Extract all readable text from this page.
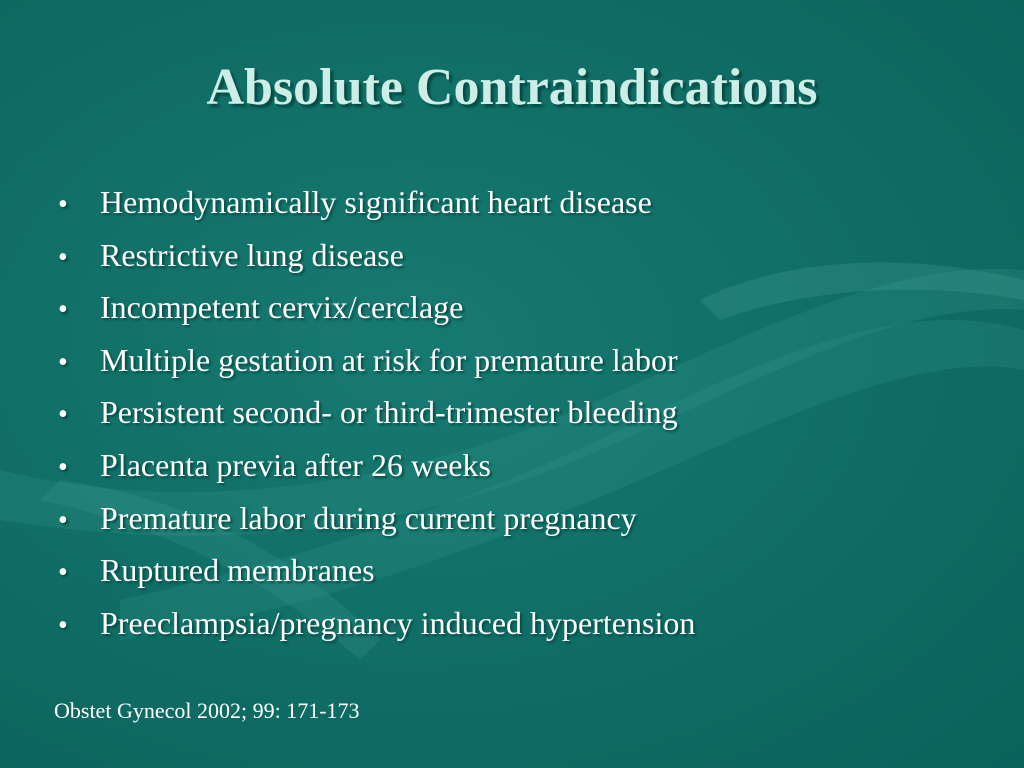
Absolute Contraindications
•	Hemodynamically significant heart disease
•	Restrictive lung disease
•	Incompetent cervix/cerclage
•	Multiple gestation at risk for premature labor
•	Persistent second- or third-trimester bleeding
•	Placenta previa after 26 weeks
•	Premature labor during current pregnancy
•	Ruptured membranes
•	Preeclampsia/pregnancy induced hypertension

Obstet Gynecol 2002; 99: 171-173
